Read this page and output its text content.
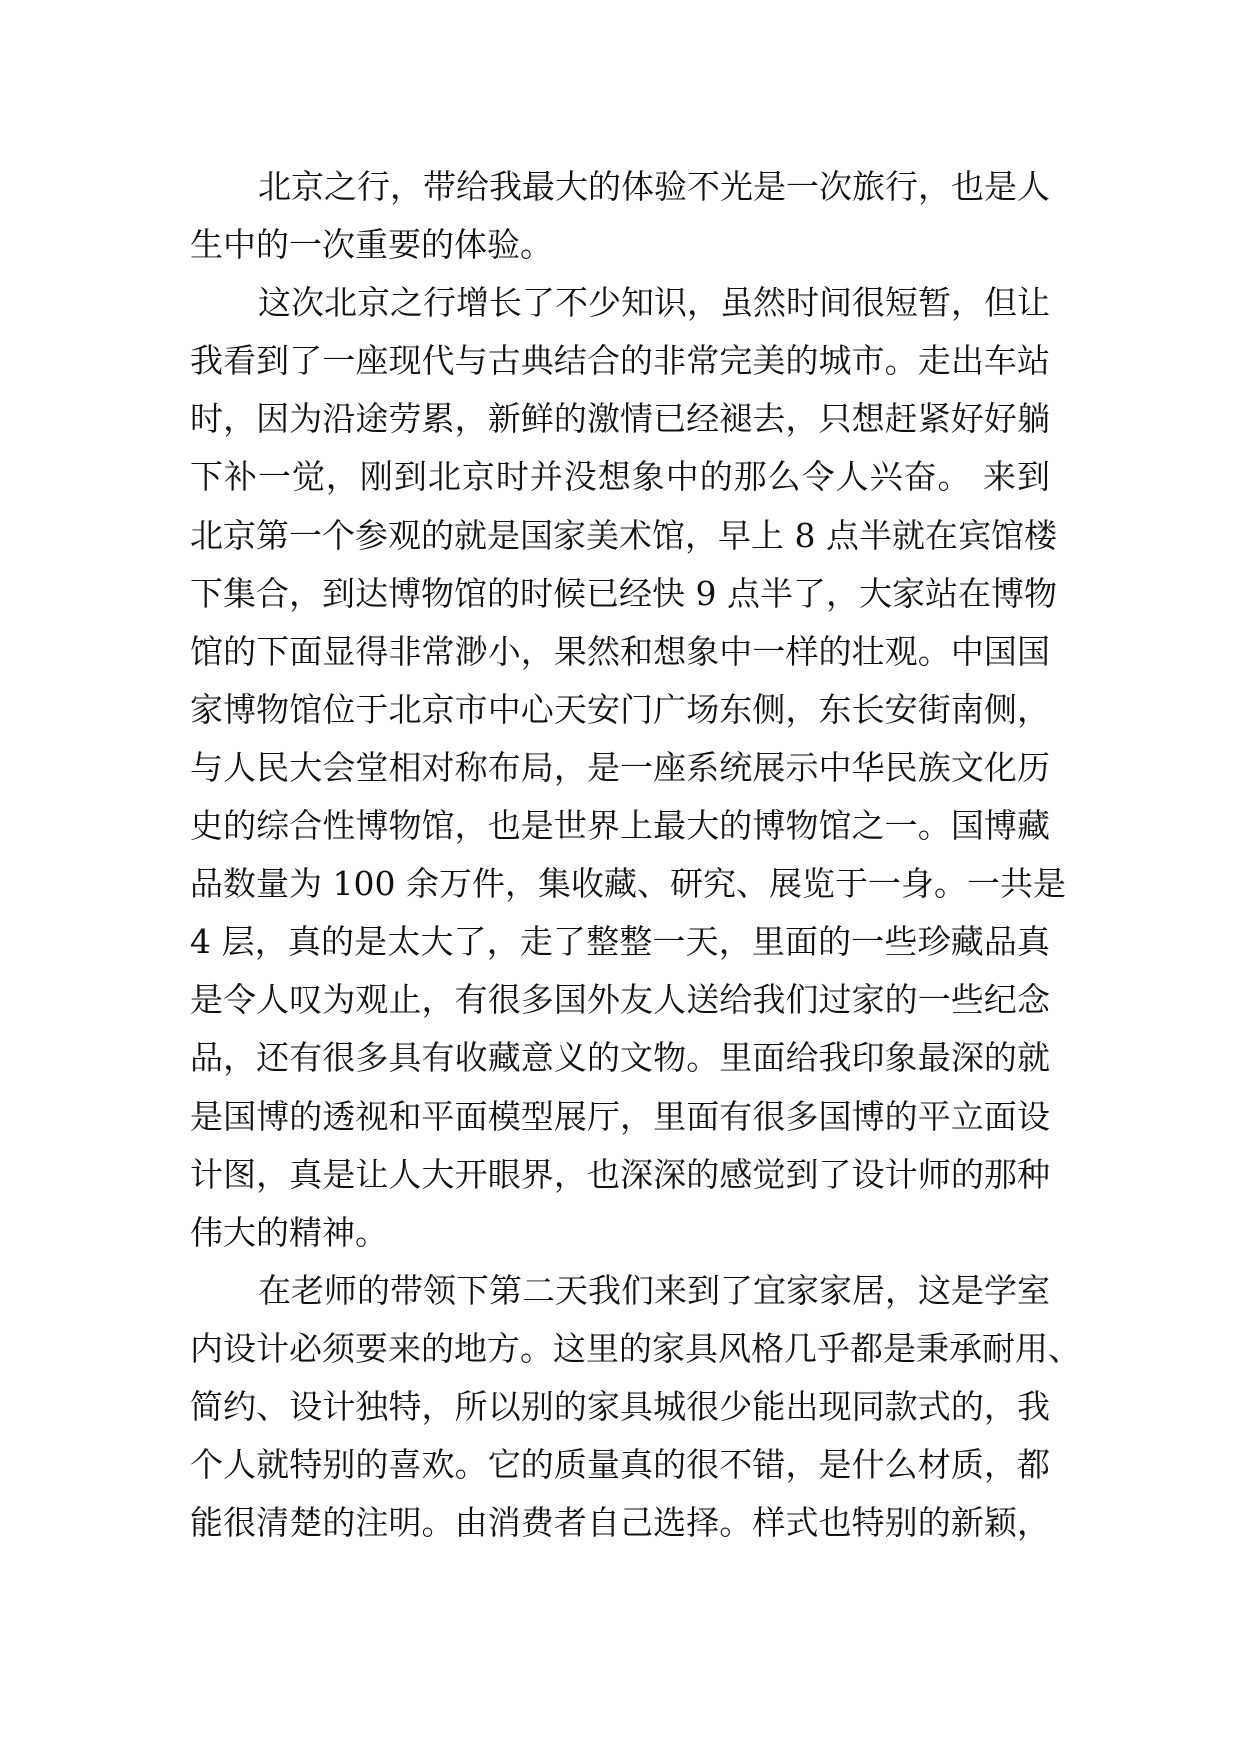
北京之行，带给我最大的体验不光是一次旅行，也是人
生中的一次重要的体验。
这次北京之行增长了不少知识，虽然时间很短暂，但让
我看到了一座现代与古典结合的非常完美的城市。走出车站
时，因为沿途劳累，新鲜的激情已经褪去，只想赶紧好好躺
下补一觉，刚到北京时并没想象中的那么令人兴奋。 来到
北京第一个参观的就是国家美术馆，早上 8 点半就在宾馆楼
下集合，到达博物馆的时候已经快 9 点半了，大家站在博物
馆的下面显得非常渺小，果然和想象中一样的壮观。中国国
家博物馆位于北京市中心天安门广场东侧，东长安街南侧，
与人民大会堂相对称布局，是一座系统展示中华民族文化历
史的综合性博物馆，也是世界上最大的博物馆之一。国博藏
品数量为 100 余万件，集收藏、研究、展览于一身。一共是
4 层，真的是太大了，走了整整一天，里面的一些珍藏品真
是令人叹为观止，有很多国外友人送给我们过家的一些纪念
品，还有很多具有收藏意义的文物。里面给我印象最深的就
是国博的透视和平面模型展厅，里面有很多国博的平立面设
计图，真是让人大开眼界，也深深的感觉到了设计师的那种
伟大的精神。
在老师的带领下第二天我们来到了宜家家居，这是学室
内设计必须要来的地方。这里的家具风格几乎都是秉承耐用、
简约、设计独特，所以别的家具城很少能出现同款式的，我
个人就特别的喜欢。它的质量真的很不错，是什么材质，都
能很清楚的注明。由消费者自己选择。样式也特别的新颖，
